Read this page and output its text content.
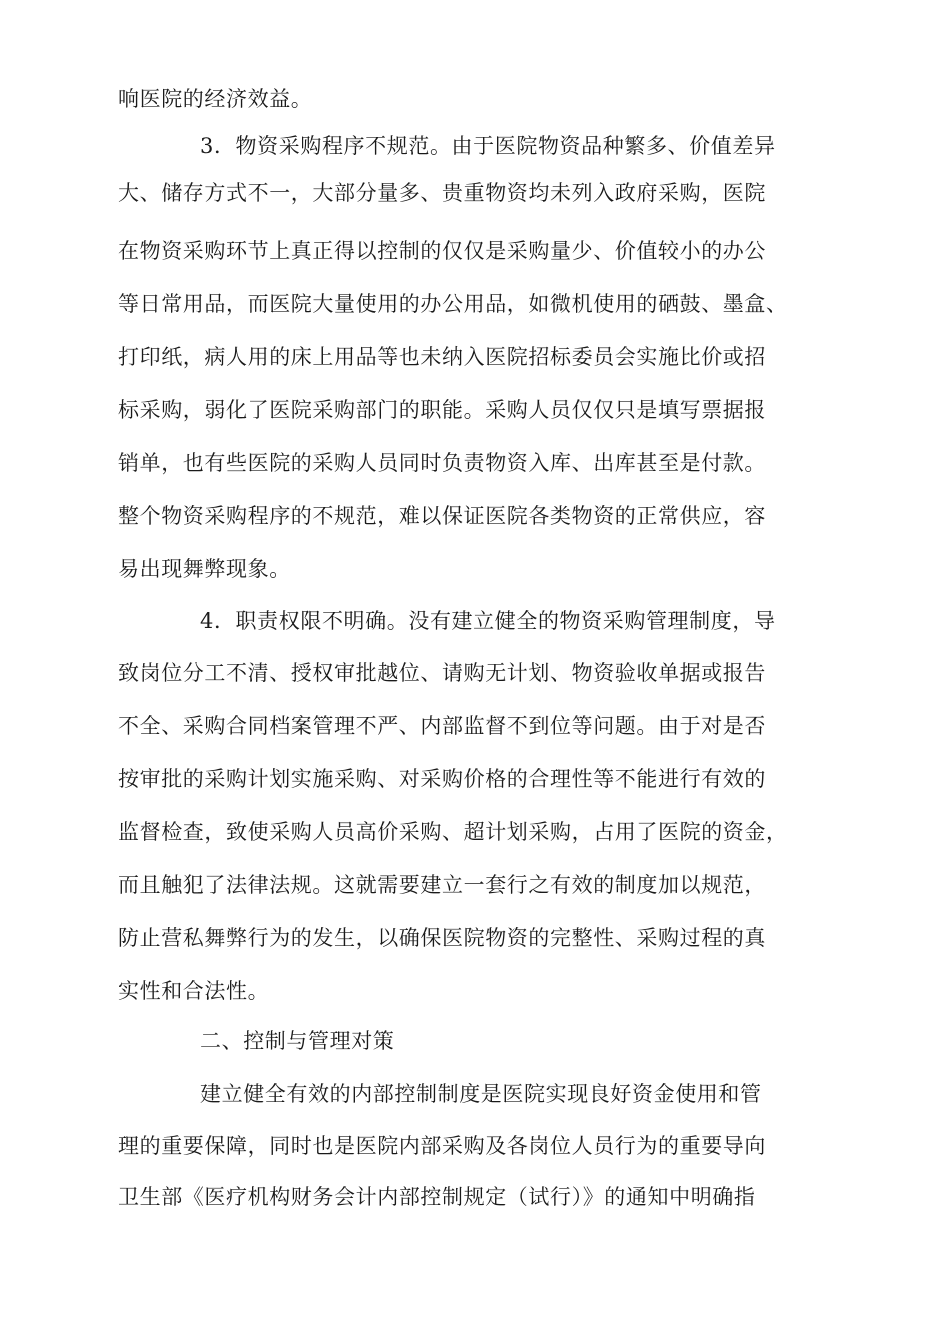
响医院的经济效益。
3．物资采购程序不规范。由于医院物资品种繁多、价值差异
大、储存方式不一，大部分量多、贵重物资均未列入政府采购，医院
在物资采购环节上真正得以控制的仅仅是采购量少、价值较小的办公
等日常用品，而医院大量使用的办公用品，如微机使用的硒鼓、墨盒、
打印纸，病人用的床上用品等也未纳入医院招标委员会实施比价或招
标采购，弱化了医院采购部门的职能。采购人员仅仅只是填写票据报
销单，也有些医院的采购人员同时负责物资入库、出库甚至是付款。
整个物资采购程序的不规范，难以保证医院各类物资的正常供应，容
易出现舞弊现象。
4．职责权限不明确。没有建立健全的物资采购管理制度，导
致岗位分工不清、授权审批越位、请购无计划、物资验收单据或报告
不全、采购合同档案管理不严、内部监督不到位等问题。由于对是否
按审批的采购计划实施采购、对采购价格的合理性等不能进行有效的
监督检查，致使采购人员高价采购、超计划采购，占用了医院的资金，
而且触犯了法律法规。这就需要建立一套行之有效的制度加以规范，
防止营私舞弊行为的发生，以确保医院物资的完整性、采购过程的真
实性和合法性。
二、控制与管理对策
建立健全有效的内部控制制度是医院实现良好资金使用和管
理的重要保障，同时也是医院内部采购及各岗位人员行为的重要导向
卫生部《医疗机构财务会计内部控制规定（试行）》的通知中明确指
